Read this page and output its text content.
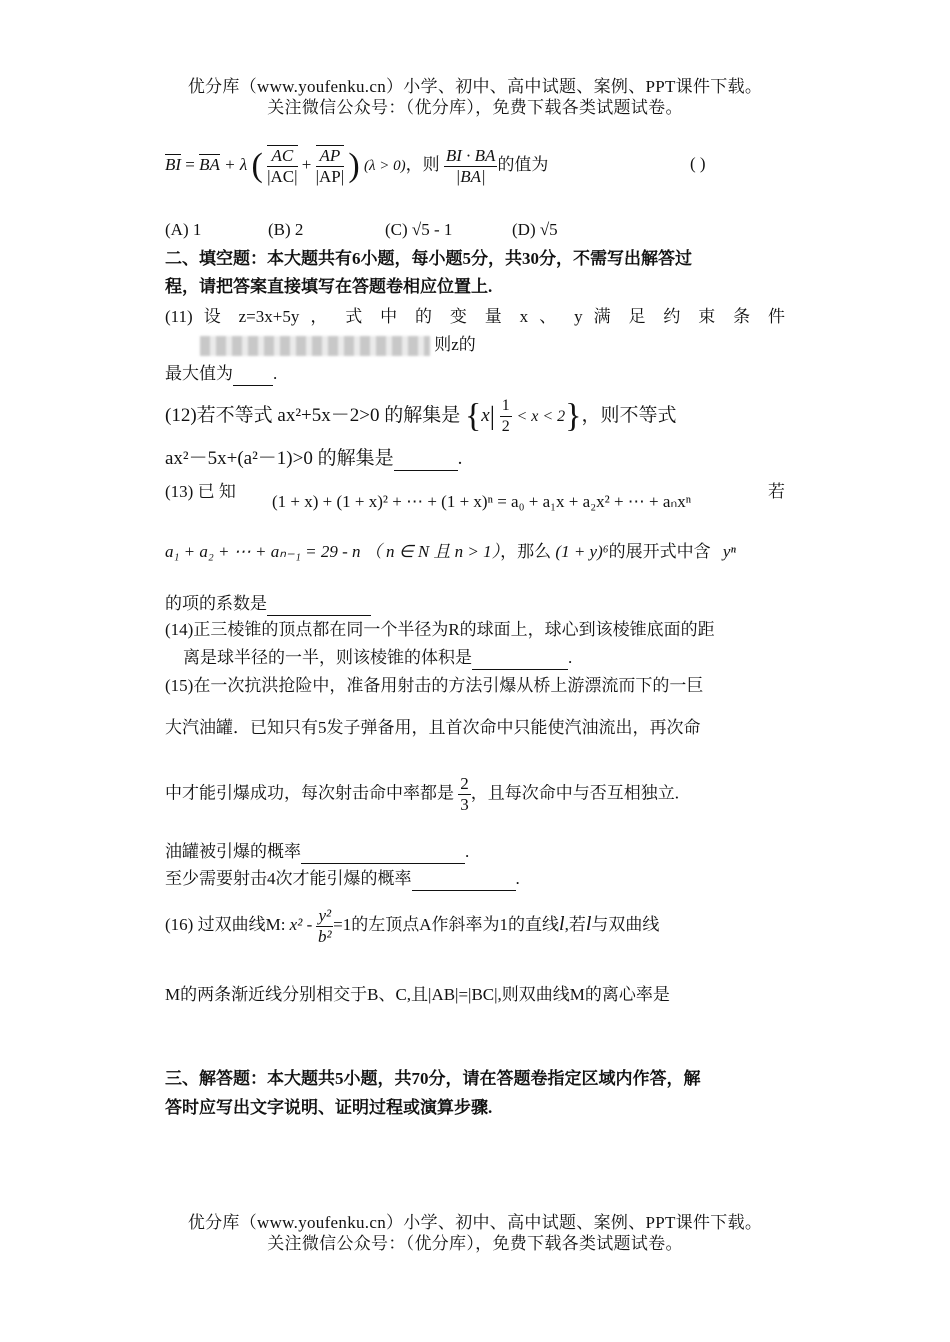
优分库（www.youfenku.cn）小学、初中、高中试题、案例、PPT课件下载。
关注微信公众号：（优分库），免费下载各类试题试卷。
BI = BA + λ ( $\frac{AC}{|AC|} + \frac{AP}{|AP|}$ ) (λ > 0)，则 $\frac{BI \cdot BA}{|BA|}$ 的值为	( )
(A) 1	(B) 2	(C) √5 - 1	(D) √5
二、填空题：本大题共有6小题，每小题5分，共30分，不需写出解答过
程，请把答案直接填写在答题卷相应位置上.
(11) 设 z=3x+5y ， 式 中 的 变 量 x 、 y 满 足 约 束 条 件
则z的
最大值为 .
(12)若不等式 ax²+5x－2>0 的解集是 $\{x| \frac{1}{2} < x < 2\}$，则不等式
ax²－5x+(a²－1)>0 的解集是	.
(13) 已 知
(1 + x) + (1 + x)² + ⋯ + (1 + x)ⁿ = a₀ + a₁x + a₂x² + ⋯ + aₙxⁿ
若
a₁ + a₂ + ⋯ + aₙ₋₁ = 29 - n （ n ∈ N 且 n > 1），那么 (1 + y)⁶的展开式中含 yⁿ
的项的系数是
(14)正三棱锥的顶点都在同一个半径为R的球面上，球心到该棱锥底面的距
离是球半径的一半，则该棱锥的体积是	.
(15)在一次抗洪抢险中，准备用射击的方法引爆从桥上游漂流而下的一巨
大汽油罐．已知只有5发子弹备用，且首次命中只能使汽油流出，再次命
中才能引爆成功，每次射击命中率都是 $\frac{2}{3}$ ，且每次命中与否互相独立.
油罐被引爆的概率	.
至少需要射击4次才能引爆的概率	.
(16) 过双曲线M: $x^2 - \frac{\text{y²}}{\text{b²}} =1$的左顶点A作斜率为1的直线l,若l与双曲线
M的两条渐近线分别相交于B、C,且|AB|=|BC|,则双曲线M的离心率是
三、解答题：本大题共5小题，共70分，请在答题卷指定区域内作答，解
答时应写出文字说明、证明过程或演算步骤.
优分库（www.youfenku.cn）小学、初中、高中试题、案例、PPT课件下载。
关注微信公众号：（优分库），免费下载各类试题试卷。
